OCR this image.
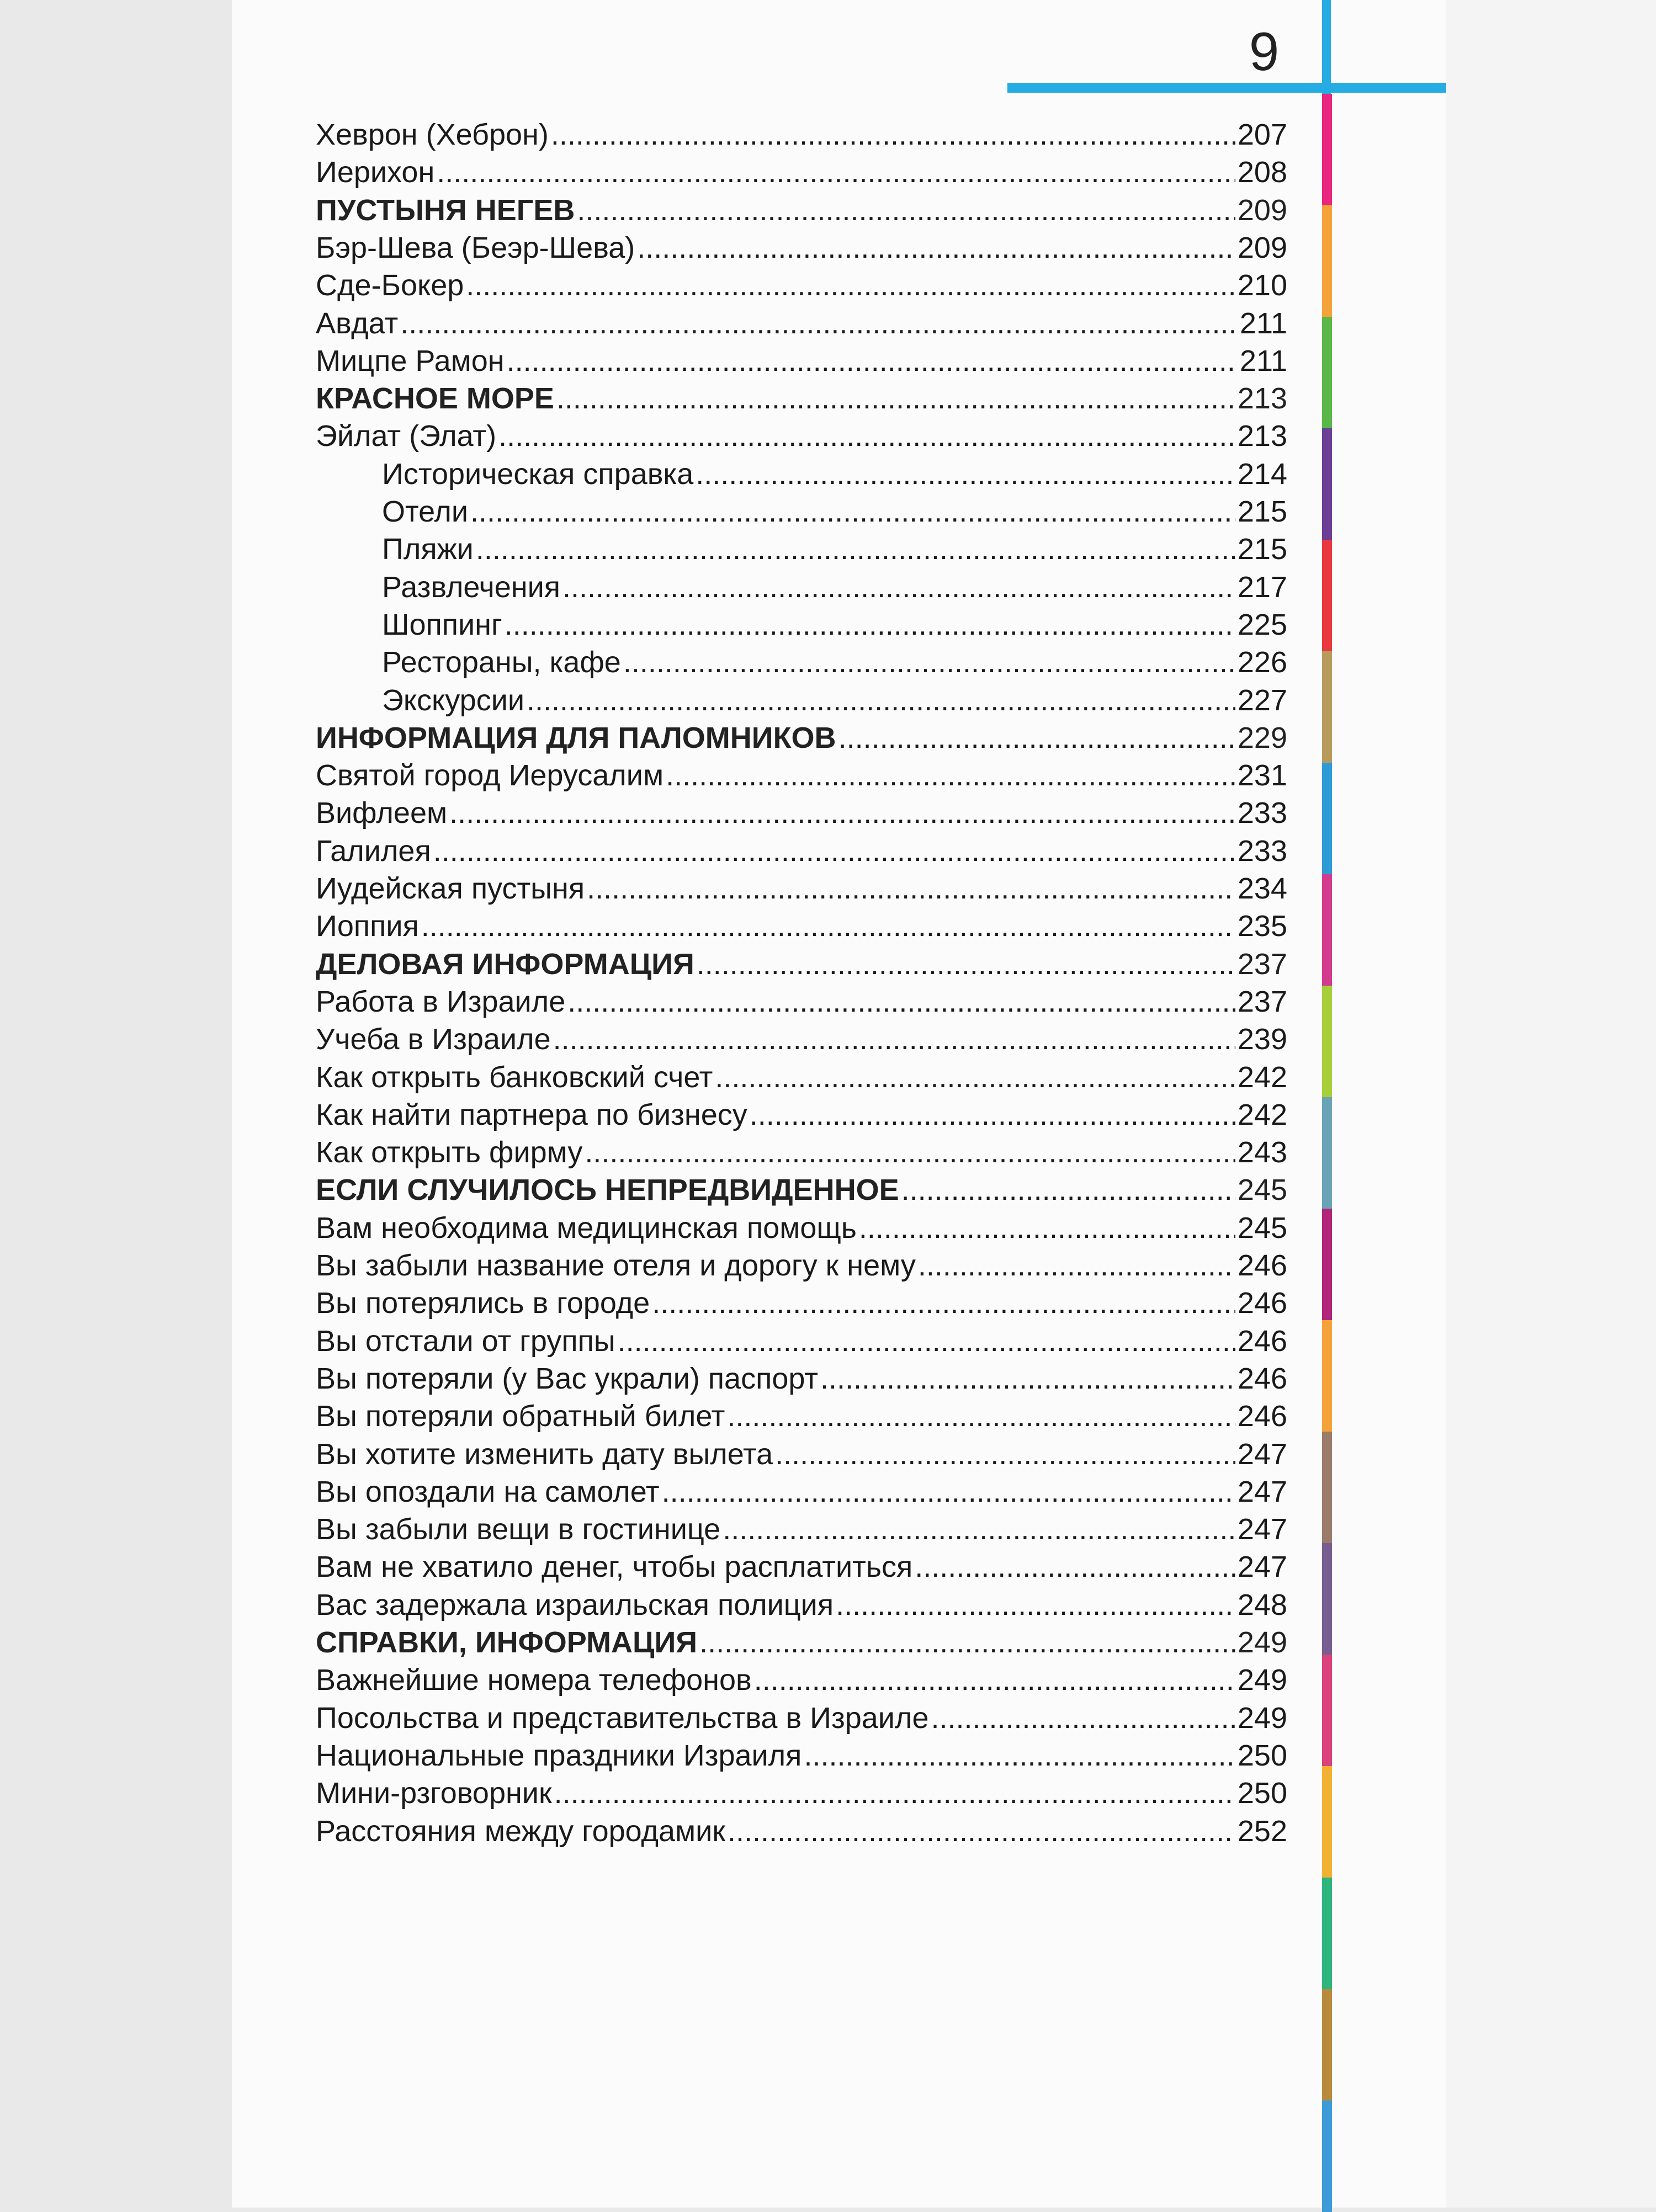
9
Хеврон (Хеброн) .....	207
Иерихон .....	208
ПУСТЫНЯ НЕГЕВ .....	209
Бэр-Шева (Беэр-Шева) .....	209
Сде-Бокер .....	210
Авдат .....	211
Мицпе Рамон .....	211
КРАСНОЕ МОРЕ .....	213
Эйлат (Элат) .....	213
Историческая справка .....	214
Отели .....	215
Пляжи .....	215
Развлечения .....	217
Шоппинг .....	225
Рестораны, кафе .....	226
Экскурсии .....	227
ИНФОРМАЦИЯ ДЛЯ ПАЛОМНИКОВ .....	229
Святой город Иерусалим .....	231
Вифлеем .....	233
Галилея .....	233
Иудейская пустыня .....	234
Иоппия .....	235
ДЕЛОВАЯ ИНФОРМАЦИЯ .....	237
Работа в Израиле .....	237
Учеба в Израиле .....	239
Как открыть банковский счет .....	242
Как найти партнера по бизнесу .....	242
Как открыть фирму .....	243
ЕСЛИ СЛУЧИЛОСЬ НЕПРЕДВИДЕННОЕ .....	245
Вам необходима медицинская помощь .....	245
Вы забыли название отеля и дорогу к нему .....	246
Вы потерялись в городе .....	246
Вы отстали от группы .....	246
Вы потеряли (у Вас украли) паспорт .....	246
Вы потеряли обратный билет .....	246
Вы хотите изменить дату вылета .....	247
Вы опоздали на самолет .....	247
Вы забыли вещи в гостинице .....	247
Вам не хватило денег, чтобы расплатиться .....	247
Вас задержала израильская полиция .....	248
СПРАВКИ, ИНФОРМАЦИЯ .....	249
Важнейшие номера телефонов .....	249
Посольства и представительства в Израиле .....	249
Национальные праздники Израиля .....	250
Мини-рзговорник .....	250
Расстояния между городамик .....	252
